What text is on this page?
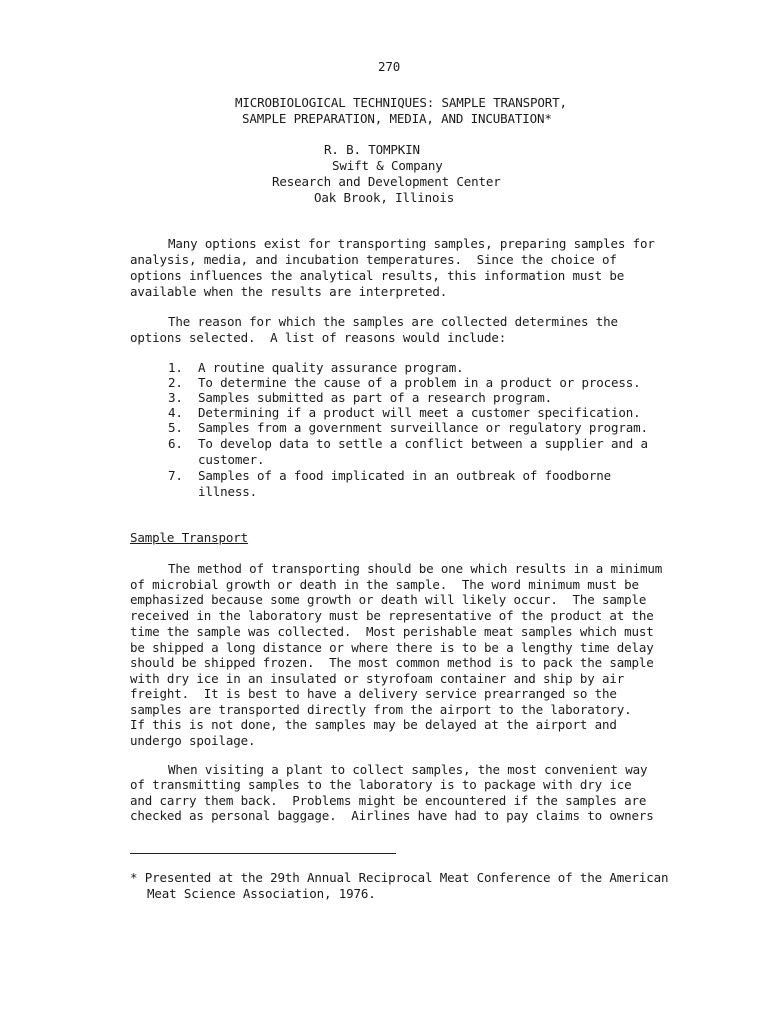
270
MICROBIOLOGICAL TECHNIQUES: SAMPLE TRANSPORT,
SAMPLE PREPARATION, MEDIA, AND INCUBATION*
R. B. TOMPKIN
Swift & Company
Research and Development Center
Oak Brook, Illinois
Many options exist for transporting samples, preparing samples for
analysis, media, and incubation temperatures.  Since the choice of
options influences the analytical results, this information must be
available when the results are interpreted.
The reason for which the samples are collected determines the
options selected.  A list of reasons would include:
1. A routine quality assurance program.
2. To determine the cause of a problem in a product or process.
3. Samples submitted as part of a research program.
4. Determining if a product will meet a customer specification.
5. Samples from a government surveillance or regulatory program.
6. To develop data to settle a conflict between a supplier and a
customer.
7. Samples of a food implicated in an outbreak of foodborne
illness.
Sample Transport
The method of transporting should be one which results in a minimum
of microbial growth or death in the sample.  The word minimum must be
emphasized because some growth or death will likely occur.  The sample
received in the laboratory must be representative of the product at the
time the sample was collected.  Most perishable meat samples which must
be shipped a long distance or where there is to be a lengthy time delay
should be shipped frozen.  The most common method is to pack the sample
with dry ice in an insulated or styrofoam container and ship by air
freight.  It is best to have a delivery service prearranged so the
samples are transported directly from the airport to the laboratory.
If this is not done, the samples may be delayed at the airport and
undergo spoilage.
When visiting a plant to collect samples, the most convenient way
of transmitting samples to the laboratory is to package with dry ice
and carry them back.  Problems might be encountered if the samples are
checked as personal baggage.  Airlines have had to pay claims to owners
* Presented at the 29th Annual Reciprocal Meat Conference of the American
Meat Science Association, 1976.
